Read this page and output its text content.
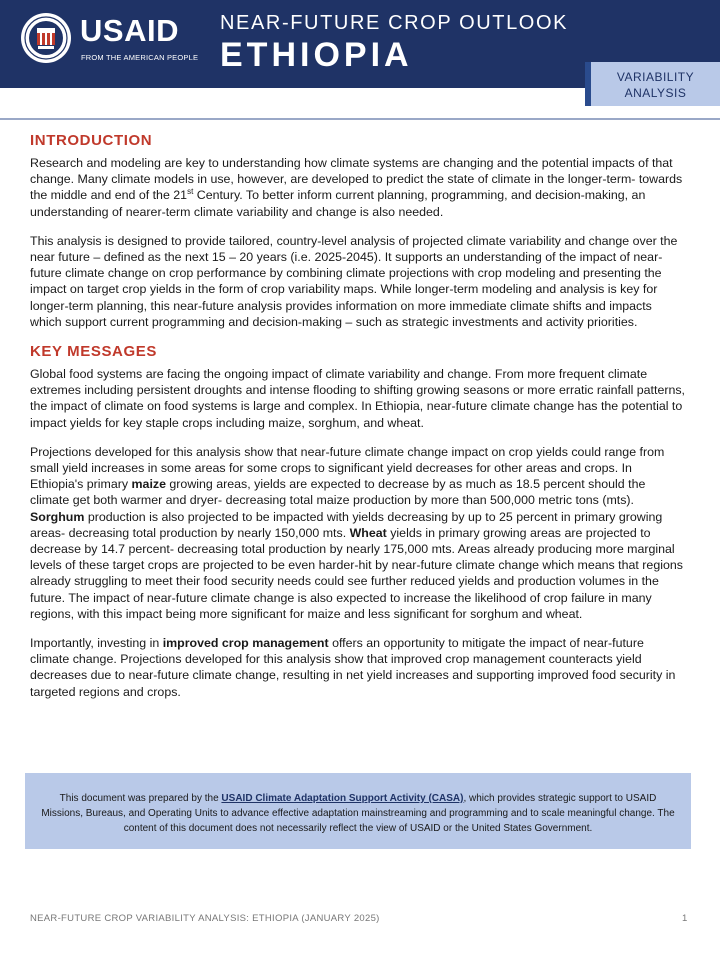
USAID
FROM THE AMERICAN PEOPLE
NEAR-FUTURE CROP OUTLOOK
ETHIOPIA
VARIABILITY
ANALYSIS
INTRODUCTION

Research and modeling are key to understanding how climate systems are changing and the potential impacts of that change. Many climate models in use, however, are developed to predict the state of climate in the longer-term- towards the middle and end of the 21st Century. To better inform current planning, programming, and decision-making, an understanding of nearer-term climate variability and change is also needed.

This analysis is designed to provide tailored, country-level analysis of projected climate variability and change over the near future – defined as the next 15 – 20 years (i.e. 2025-2045). It supports an understanding of the impact of near-future climate change on crop performance by combining climate projections with crop modeling and presenting the impact on target crop yields in the form of crop variability maps. While longer-term modeling and analysis is key for longer-term planning, this near-future analysis provides information on more immediate climate shifts and impacts which support current programming and decision-making – such as strategic investments and activity priorities.

KEY MESSAGES

Global food systems are facing the ongoing impact of climate variability and change. From more frequent climate extremes including persistent droughts and intense flooding to shifting growing seasons or more erratic rainfall patterns, the impact of climate on food systems is large and complex. In Ethiopia, near-future climate change has the potential to impact yields for key staple crops including maize, sorghum, and wheat.

Projections developed for this analysis show that near-future climate change impact on crop yields could range from small yield increases in some areas for some crops to significant yield decreases for other areas and crops. In Ethiopia's primary maize growing areas, yields are expected to decrease by as much as 18.5 percent should the climate get both warmer and dryer- decreasing total maize production by more than 500,000 metric tons (mts). Sorghum production is also projected to be impacted with yields decreasing by up to 25 percent in primary growing areas- decreasing total production by nearly 150,000 mts. Wheat yields in primary growing areas are projected to decrease by 14.7 percent- decreasing total production by nearly 175,000 mts. Areas already producing more marginal levels of these target crops are projected to be even harder-hit by near-future climate change which means that regions already struggling to meet their food security needs could see further reduced yields and production volumes in the future. The impact of near-future climate change is also expected to increase the likelihood of crop failure in many regions, with this impact being more significant for maize and less significant for sorghum and wheat.

Importantly, investing in improved crop management offers an opportunity to mitigate the impact of near-future climate change. Projections developed for this analysis show that improved crop management counteracts yield decreases due to near-future climate change, resulting in net yield increases and supporting improved food security in targeted regions and crops.

This document was prepared by the USAID Climate Adaptation Support Activity (CASA), which provides strategic support to USAID Missions, Bureaus, and Operating Units to advance effective adaptation mainstreaming and programming and to scale meaningful change. The content of this document does not necessarily reflect the view of USAID or the United States Government.
NEAR-FUTURE CROP VARIABILITY ANALYSIS: ETHIOPIA (JANUARY 2025)	1
